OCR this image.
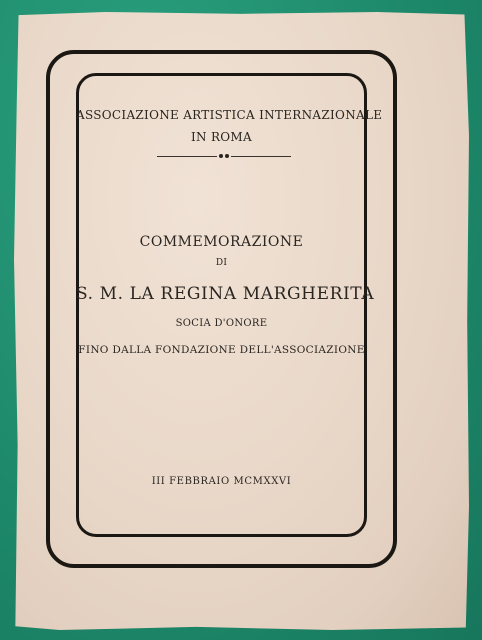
ASSOCIAZIONE ARTISTICA INTERNAZIONALE
IN ROMA
COMMEMORAZIONE
DI
S. M. LA REGINA MARGHERITA
SOCIA D'ONORE
FINO DALLA FONDAZIONE DELL'ASSOCIAZIONE
III FEBBRAIO MCMXXVI
